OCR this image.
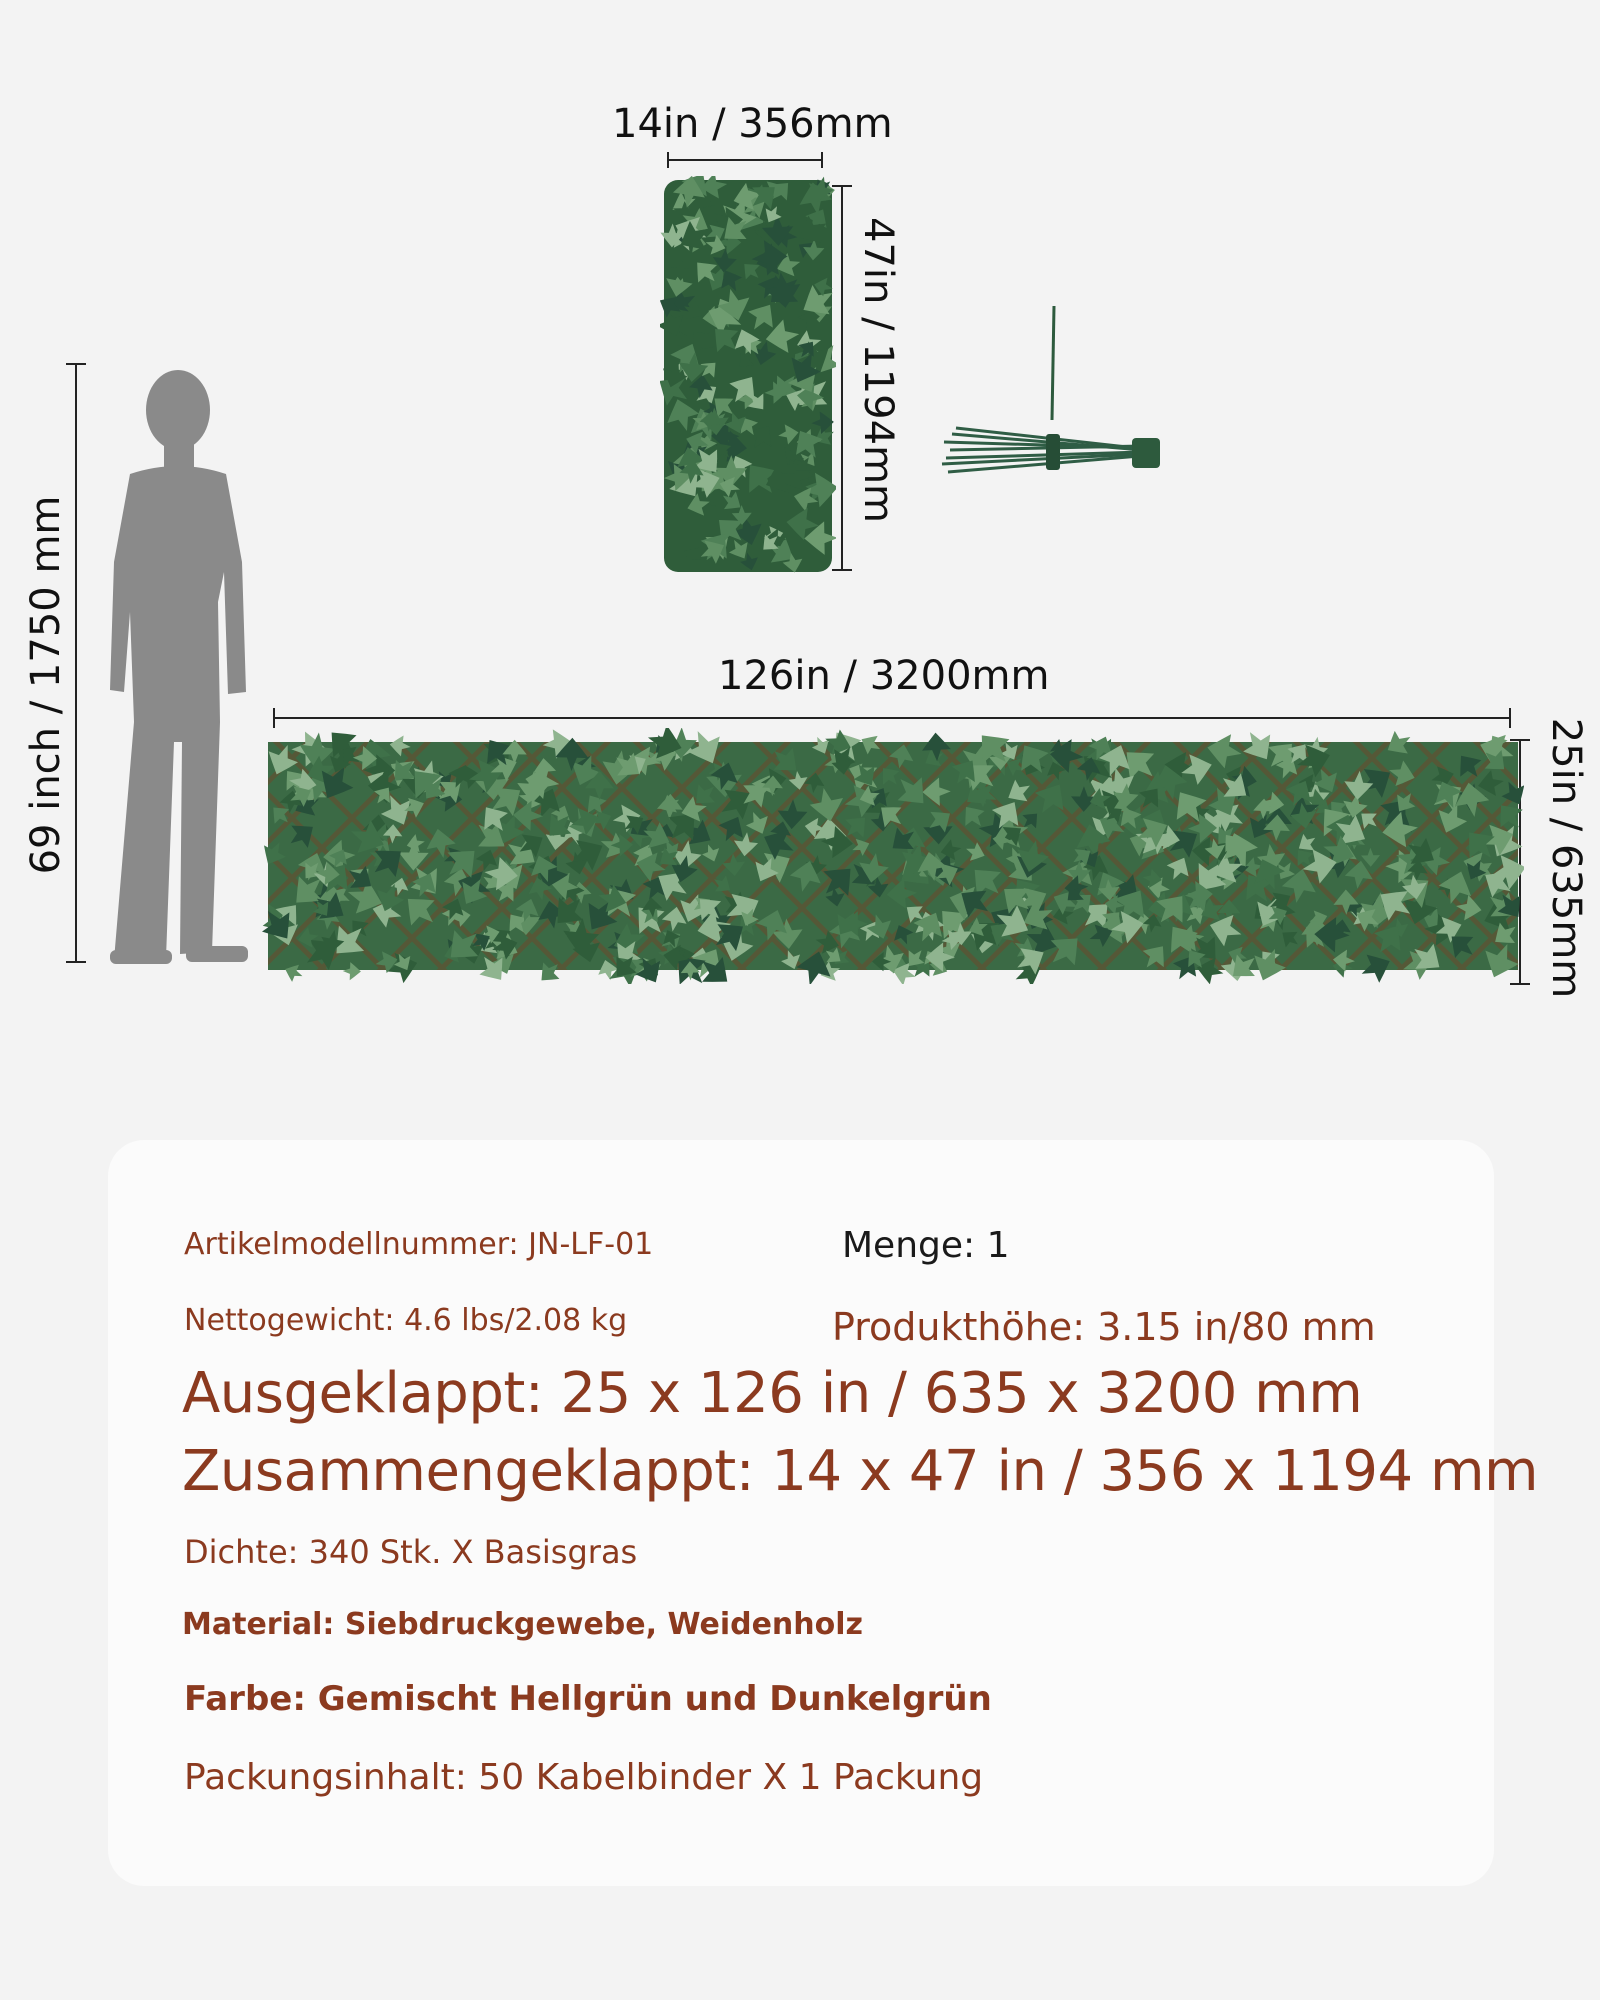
14in / 356mm
47in / 1194mm
69 inch / 1750 mm	126in / 3200mm
25in / 635mm
Artikelmodellnummer: JN-LF-01	Menge: 1
Nettogewicht: 4.6 lbs/2.08 kg	Produkthöhe: 3.15 in/80 mm
Ausgeklappt: 25 x 126 in / 635 x 3200 mm
Zusammengeklappt: 14 x 47 in / 356 x 1194 mm
Dichte: 340 Stk. X Basisgras
Material: Siebdruckgewebe, Weidenholz
Farbe: Gemischt Hellgrün und Dunkelgrün
Packungsinhalt: 50 Kabelbinder X 1 Packung
